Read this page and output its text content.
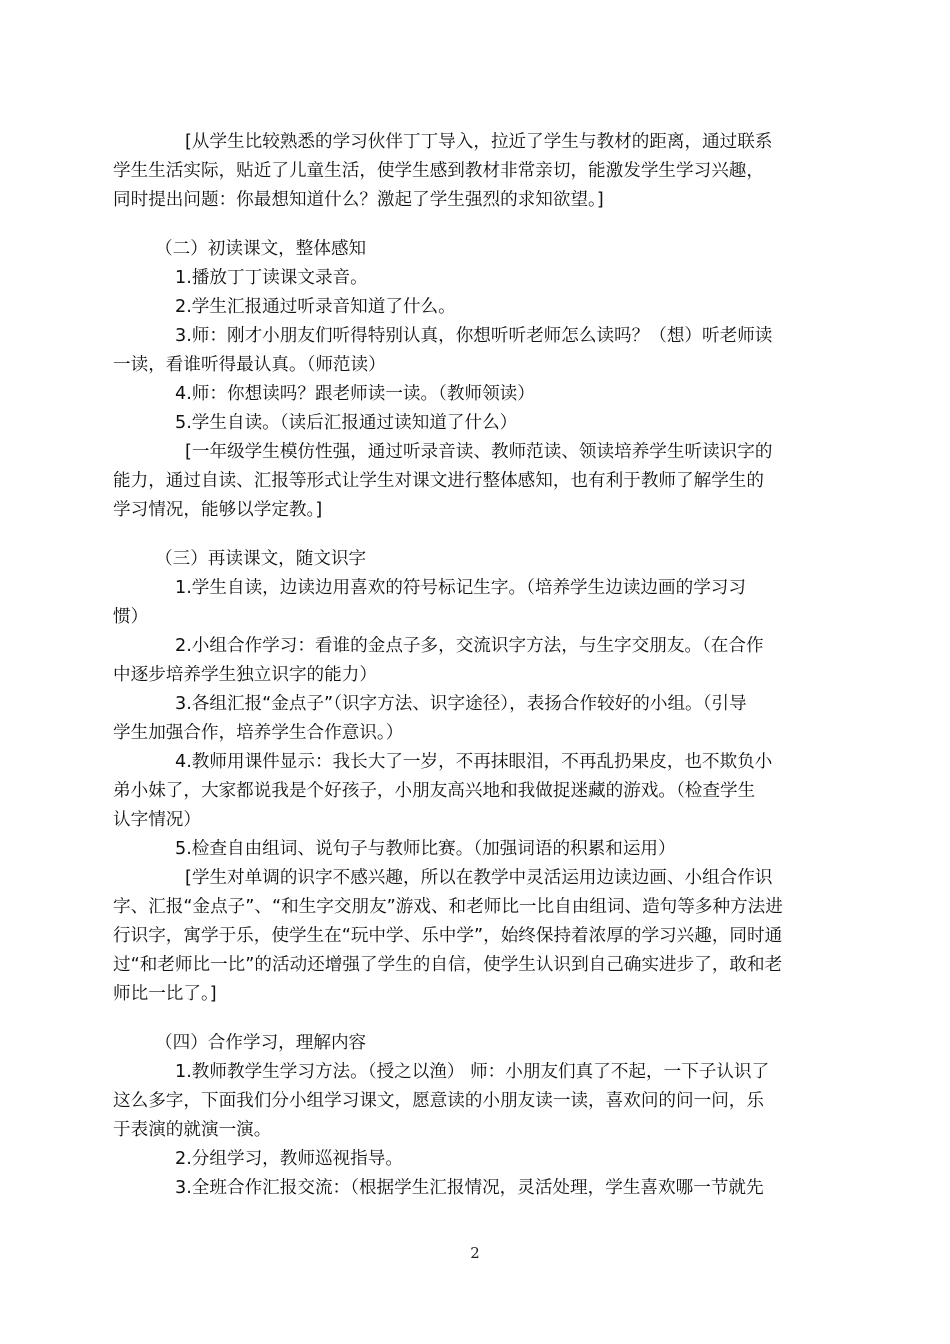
[从学生比较熟悉的学习伙伴丁丁导入，拉近了学生与教材的距离，通过联系
学生生活实际，贴近了儿童生活，使学生感到教材非常亲切，能激发学生学习兴趣，
同时提出问题：你最想知道什么？激起了学生强烈的求知欲望。]
（二）初读课文，整体感知
1.播放丁丁读课文录音。
2.学生汇报通过听录音知道了什么。
3.师：刚才小朋友们听得特别认真，你想听听老师怎么读吗？（想）听老师读
一读，看谁听得最认真。（师范读）
4.师：你想读吗？跟老师读一读。（教师领读）
5.学生自读。（读后汇报通过读知道了什么）
[一年级学生模仿性强，通过听录音读、教师范读、领读培养学生听读识字的
能力，通过自读、汇报等形式让学生对课文进行整体感知，也有利于教师了解学生的
学习情况，能够以学定教。]
（三）再读课文，随文识字
1.学生自读，边读边用喜欢的符号标记生字。（培养学生边读边画的学习习
惯）
2.小组合作学习：看谁的金点子多，交流识字方法，与生字交朋友。（在合作
中逐步培养学生独立识字的能力）
3.各组汇报“金点子”（识字方法、识字途径），表扬合作较好的小组。（引导
学生加强合作，培养学生合作意识。）
4.教师用课件显示：我长大了一岁，不再抹眼泪，不再乱扔果皮，也不欺负小
弟小妹了，大家都说我是个好孩子，小朋友高兴地和我做捉迷藏的游戏。（检查学生
认字情况）
5.检查自由组词、说句子与教师比赛。（加强词语的积累和运用）
[学生对单调的识字不感兴趣，所以在教学中灵活运用边读边画、小组合作识
字、汇报“金点子”、“和生字交朋友”游戏、和老师比一比自由组词、造句等多种方法进
行识字，寓学于乐，使学生在“玩中学、乐中学”，始终保持着浓厚的学习兴趣，同时通
过“和老师比一比”的活动还增强了学生的自信，使学生认识到自己确实进步了，敢和老
师比一比了。]
（四）合作学习，理解内容
1.教师教学生学习方法。（授之以渔） 师：小朋友们真了不起，一下子认识了
这么多字，下面我们分小组学习课文，愿意读的小朋友读一读，喜欢问的问一问，乐
于表演的就演一演。
2.分组学习，教师巡视指导。
3.全班合作汇报交流：（根据学生汇报情况，灵活处理，学生喜欢哪一节就先
2
